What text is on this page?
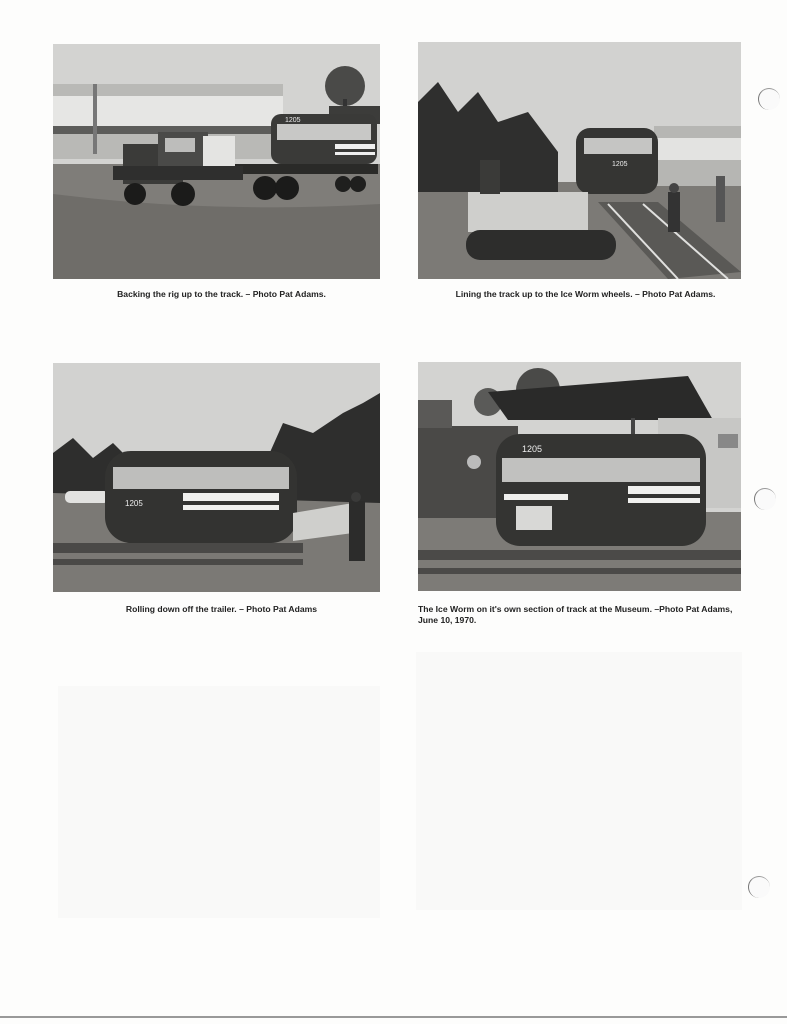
1205
Backing the rig up to the track. – Photo Pat Adams.
1205
Lining the track up to the Ice Worm wheels. – Photo Pat Adams.
1205
Rolling down off the trailer. – Photo Pat Adams
1205
The Ice Worm on it's own section of track at the Museum. –Photo Pat Adams, June 10, 1970.
